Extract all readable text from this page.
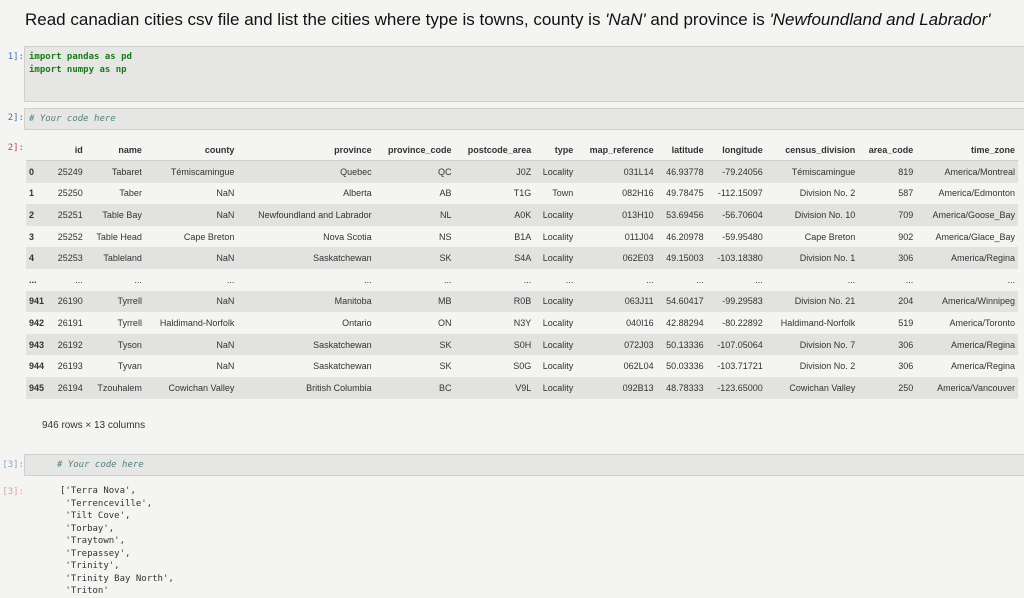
Read canadian cities csv file and list the cities where type is towns, county is 'NaN' and province is 'Newfoundland and Labrador'
1]: import pandas as pd
import numpy as np
2]: # Your code here
2]:
		id	name	county	province	province_code	postcode_area	type	map_reference	latitude	longitude	census_division	area_code	time_zone
0	25249	Tabaret	Témiscamingue	Quebec	QC	J0Z	Locality	031L14	46.93778	-79.24056	Témiscamingue	819	America/Montreal
1	25250	Taber	NaN	Alberta	AB	T1G	Town	082H16	49.78475	-112.15097	Division No. 2	587	America/Edmonton
2	25251	Table Bay	NaN	Newfoundland and Labrador	NL	A0K	Locality	013H10	53.69456	-56.70604	Division No. 10	709	America/Goose_Bay
3	25252	Table Head	Cape Breton	Nova Scotia	NS	B1A	Locality	011J04	46.20978	-59.95480	Cape Breton	902	America/Glace_Bay
4	25253	Tableland	NaN	Saskatchewan	SK	S4A	Locality	062E03	49.15003	-103.18380	Division No. 1	306	America/Regina
...	...	...	...	...	...	...	...	...	...	...	...	...	...
941	26190	Tyrrell	NaN	Manitoba	MB	R0B	Locality	063J11	54.60417	-99.29583	Division No. 21	204	America/Winnipeg
942	26191	Tyrrell	Haldimand-Norfolk	Ontario	ON	N3Y	Locality	040I16	42.88294	-80.22892	Haldimand-Norfolk	519	America/Toronto
943	26192	Tyson	NaN	Saskatchewan	SK	S0H	Locality	072J03	50.13336	-107.05064	Division No. 7	306	America/Regina
944	26193	Tyvan	NaN	Saskatchewan	SK	S0G	Locality	062L04	50.03336	-103.71721	Division No. 2	306	America/Regina
945	26194	Tzouhalem	Cowichan Valley	British Columbia	BC	V9L	Locality	092B13	48.78333	-123.65000	Cowichan Valley	250	America/Vancouver
946 rows × 13 columns
[3]:	# Your code here
[3]:	['Terra Nova',
'Terrenceville',
'Tilt Cove',
'Torbay',
'Traytown',
'Trepassey',
'Trinity',
'Trinity Bay North',
'Triton'
